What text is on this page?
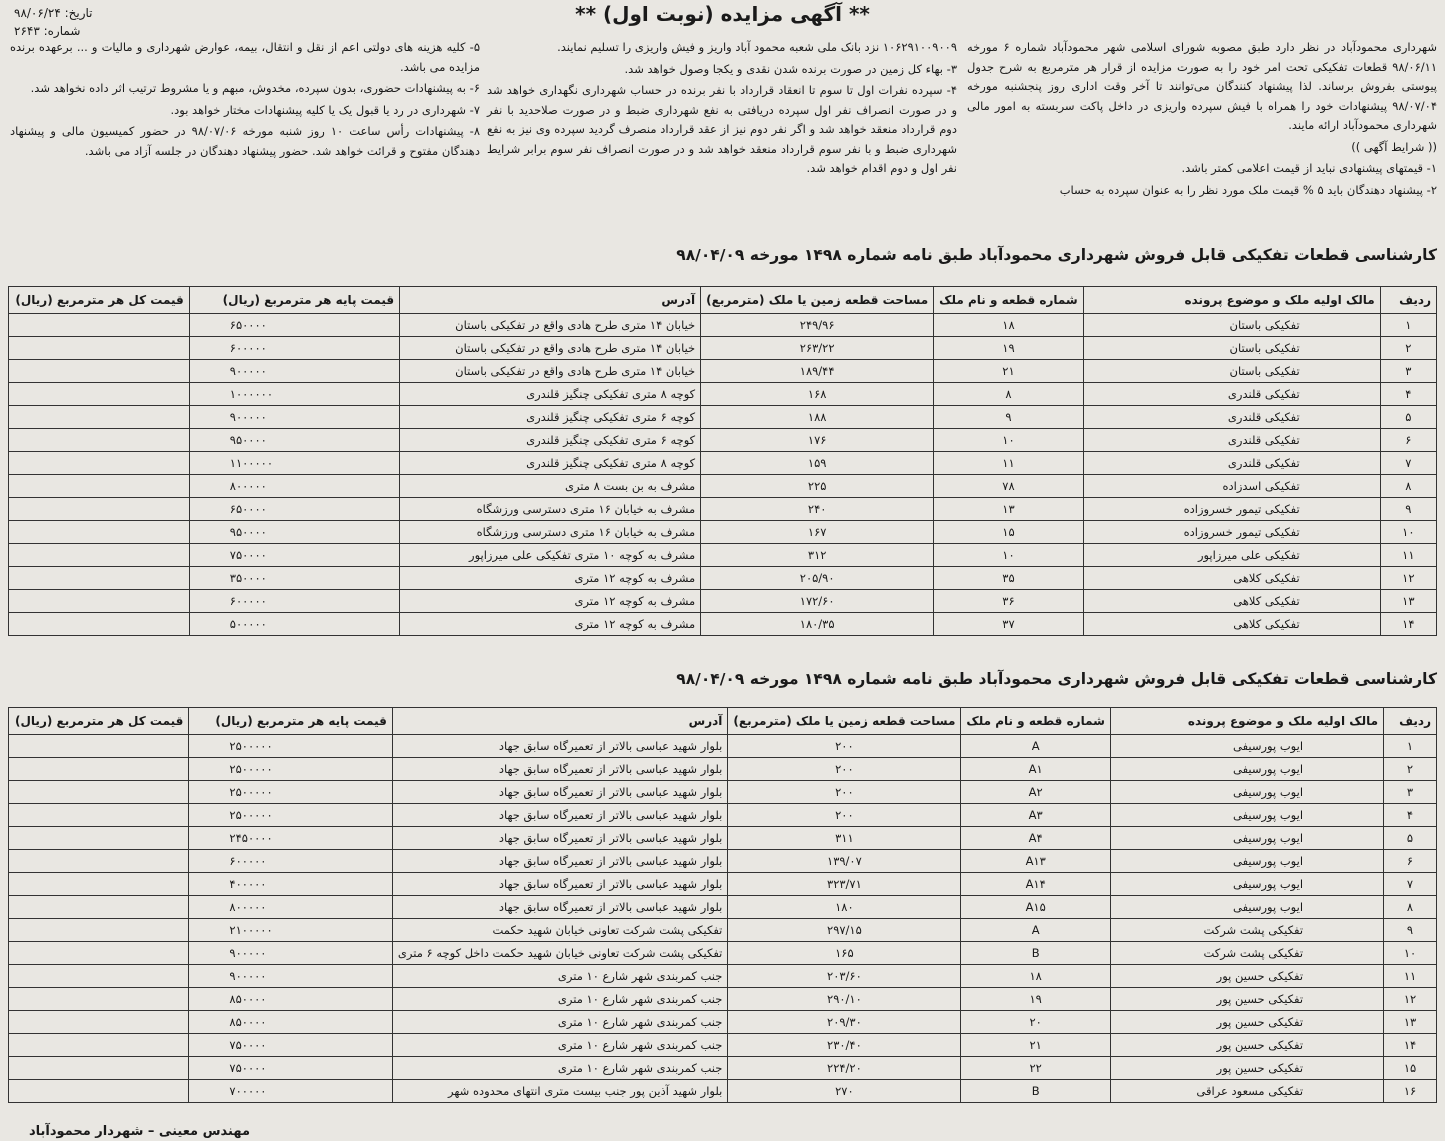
تاریخ: ۹۸/۰۶/۲۴
شماره: ۲۶۴۳
** آگهی مزایده (نوبت اول) **

شهرداری محمودآباد در نظر دارد طبق مصوبه شورای اسلامی شهر محمودآباد شماره ۶ مورخه ۹۸/۰۶/۱۱ قطعات تفکیکی تحت امر خود را به صورت مزایده از قرار هر مترمربع به شرح جدول پیوستی بفروش برساند. لذا پیشنهاد کنندگان می‌توانند تا آخر وقت اداری روز پنجشنبه مورخه ۹۸/۰۷/۰۴ پیشنهادات خود را همراه با فیش سپرده واریزی در داخل پاکت سربسته به امور مالی شهرداری محمودآباد ارائه مایند.

(( شرایط آگهی ))

۱- قیمتهای پیشنهادی نباید از قیمت اعلامی کمتر باشد.

۲- پیشنهاد دهندگان باید ۵ % قیمت ملک مورد نظر را به عنوان سپرده به حساب

۱۰۶۲۹۱۰۰۹۰۰۹ نزد بانک ملی شعبه محمود آباد واریز و فیش واریزی را تسلیم نمایند.

۳- بهاء کل زمین در صورت برنده شدن نقدی و یکجا وصول خواهد شد.

۴- سپرده نفرات اول تا سوم تا انعقاد قرارداد با نفر برنده در حساب شهرداری نگهداری خواهد شد و در صورت انصراف نفر اول سپرده دریافتی به نفع شهرداری ضبط و در صورت صلاحدید با نفر دوم قرارداد منعقد خواهد شد و اگر نفر دوم نیز از عقد قرارداد منصرف گردید سپرده وی نیز به نفع شهرداری ضبط و با نفر سوم قرارداد منعقد خواهد شد و در صورت انصراف نفر سوم برابر شرایط نفر اول و دوم اقدام خواهد شد.

۵- کلیه هزینه های دولتی اعم از نقل و انتقال، بیمه، عوارض شهرداری و مالیات و ... برعهده برنده مزایده می باشد.

۶- به پیشنهادات حضوری، بدون سپرده، مخدوش، مبهم و یا مشروط ترتیب اثر داده نخواهد شد.

۷- شهرداری در رد یا قبول یک یا کلیه پیشنهادات مختار خواهد بود.

۸- پیشنهادات رأس ساعت ۱۰ روز شنبه مورخه ۹۸/۰۷/۰۶ در حضور کمیسیون مالی و پیشنهاد دهندگان مفتوح و قرائت خواهد شد. حضور پیشنهاد دهندگان در جلسه آزاد می باشد.

کارشناسی قطعات تفکیکی قابل فروش شهرداری محمودآباد طبق نامه شماره ۱۴۹۸ مورخه ۹۸/۰۴/۰۹
ردیف	مالک اولیه ملک و موضوع پرونده	شماره قطعه و نام ملک	مساحت قطعه زمین یا ملک (مترمربع)	آدرس	قیمت پایه هر مترمربع (ریال)	قیمت کل هر مترمربع (ریال)
۱	تفکیکی باستان	۱۸	۲۴۹/۹۶	خیابان ۱۴ متری طرح هادی واقع در تفکیکی باستان	۶۵۰۰۰۰	
۲	تفکیکی باستان	۱۹	۲۶۳/۲۲	خیابان ۱۴ متری طرح هادی واقع در تفکیکی باستان	۶۰۰۰۰۰	
۳	تفکیکی باستان	۲۱	۱۸۹/۴۴	خیابان ۱۴ متری طرح هادی واقع در تفکیکی باستان	۹۰۰۰۰۰	
۴	تفکیکی قلندری	۸	۱۶۸	کوچه ۸ متری تفکیکی چنگیز قلندری	۱۰۰۰۰۰۰	
۵	تفکیکی قلندری	۹	۱۸۸	کوچه ۶ متری تفکیکی چنگیز قلندری	۹۰۰۰۰۰	
۶	تفکیکی قلندری	۱۰	۱۷۶	کوچه ۶ متری تفکیکی چنگیز قلندری	۹۵۰۰۰۰	
۷	تفکیکی قلندری	۱۱	۱۵۹	کوچه ۸ متری تفکیکی چنگیز قلندری	۱۱۰۰۰۰۰	
۸	تفکیکی اسدزاده	۷۸	۲۲۵	مشرف به بن بست ۸ متری	۸۰۰۰۰۰	
۹	تفکیکی تیمور خسروزاده	۱۳	۲۴۰	مشرف به خیابان ۱۶ متری دسترسی ورزشگاه	۶۵۰۰۰۰	
۱۰	تفکیکی تیمور خسروزاده	۱۵	۱۶۷	مشرف به خیابان ۱۶ متری دسترسی ورزشگاه	۹۵۰۰۰۰	
۱۱	تفکیکی علی میرزاپور	۱۰	۳۱۲	مشرف به کوچه ۱۰ متری تفکیکی علی میرزاپور	۷۵۰۰۰۰	
۱۲	تفکیکی کلاهی	۳۵	۲۰۵/۹۰	مشرف به کوچه ۱۲ متری	۳۵۰۰۰۰	
۱۳	تفکیکی کلاهی	۳۶	۱۷۲/۶۰	مشرف به کوچه ۱۲ متری	۶۰۰۰۰۰	
۱۴	تفکیکی کلاهی	۳۷	۱۸۰/۳۵	مشرف به کوچه ۱۲ متری	۵۰۰۰۰۰	
کارشناسی قطعات تفکیکی قابل فروش شهرداری محمودآباد طبق نامه شماره ۱۴۹۸ مورخه ۹۸/۰۴/۰۹
ردیف	مالک اولیه ملک و موضوع پرونده	شماره قطعه و نام ملک	مساحت قطعه زمین یا ملک (مترمربع)	آدرس	قیمت پایه هر مترمربع (ریال)	قیمت کل هر مترمربع (ریال)
۱	ایوب پورسیفی	A	۲۰۰	بلوار شهید عباسی بالاتر از تعمیرگاه سابق جهاد	۲۵۰۰۰۰۰	
۲	ایوب پورسیفی	A۱	۲۰۰	بلوار شهید عباسی بالاتر از تعمیرگاه سابق جهاد	۲۵۰۰۰۰۰	
۳	ایوب پورسیفی	A۲	۲۰۰	بلوار شهید عباسی بالاتر از تعمیرگاه سابق جهاد	۲۵۰۰۰۰۰	
۴	ایوب پورسیفی	A۳	۲۰۰	بلوار شهید عباسی بالاتر از تعمیرگاه سابق جهاد	۲۵۰۰۰۰۰	
۵	ایوب پورسیفی	A۴	۳۱۱	بلوار شهید عباسی بالاتر از تعمیرگاه سابق جهاد	۲۴۵۰۰۰۰	
۶	ایوب پورسیفی	A۱۳	۱۳۹/۰۷	بلوار شهید عباسی بالاتر از تعمیرگاه سابق جهاد	۶۰۰۰۰۰	
۷	ایوب پورسیفی	A۱۴	۳۲۳/۷۱	بلوار شهید عباسی بالاتر از تعمیرگاه سابق جهاد	۴۰۰۰۰۰	
۸	ایوب پورسیفی	A۱۵	۱۸۰	بلوار شهید عباسی بالاتر از تعمیرگاه سابق جهاد	۸۰۰۰۰۰	
۹	تفکیکی پشت شرکت	A	۲۹۷/۱۵	تفکیکی پشت شرکت تعاونی خیابان شهید حکمت	۲۱۰۰۰۰۰	
۱۰	تفکیکی پشت شرکت	B	۱۶۵	تفکیکی پشت شرکت تعاونی خیابان شهید حکمت داخل کوچه ۶ متری	۹۰۰۰۰۰	
۱۱	تفکیکی حسین پور	۱۸	۲۰۳/۶۰	جنب کمربندی شهر شارع ۱۰ متری	۹۰۰۰۰۰	
۱۲	تفکیکی حسین پور	۱۹	۲۹۰/۱۰	جنب کمربندی شهر شارع ۱۰ متری	۸۵۰۰۰۰	
۱۳	تفکیکی حسین پور	۲۰	۲۰۹/۳۰	جنب کمربندی شهر شارع ۱۰ متری	۸۵۰۰۰۰	
۱۴	تفکیکی حسین پور	۲۱	۲۳۰/۴۰	جنب کمربندی شهر شارع ۱۰ متری	۷۵۰۰۰۰	
۱۵	تفکیکی حسین پور	۲۲	۲۲۴/۲۰	جنب کمربندی شهر شارع ۱۰ متری	۷۵۰۰۰۰	
۱۶	تفکیکی مسعود عراقی	B	۲۷۰	بلوار شهید آذین پور جنب بیست متری انتهای محدوده شهر	۷۰۰۰۰۰	
مهندس معینی – شهردار محمودآباد
